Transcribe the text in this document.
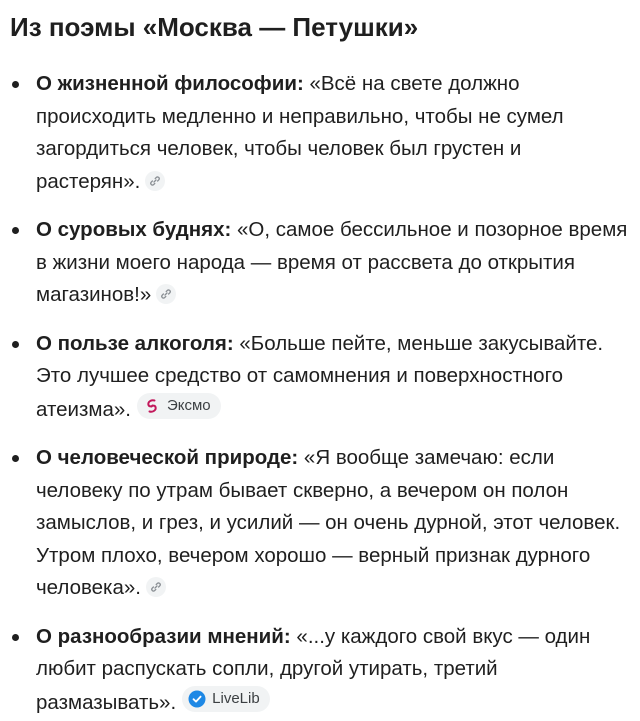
Из поэмы «Москва — Петушки»
О жизненной философии: «Всё на свете должно происходить медленно и неправильно, чтобы не сумел загордиться человек, чтобы человек был грустен и растерян».
О суровых буднях: «О, самое бессильное и позорное время в жизни моего народа — время от рассвета до открытия магазинов!»
О пользе алкоголя: «Больше пейте, меньше закусывайте. Это лучшее средство от самомнения и поверхностного атеизма». Эксмо
О человеческой природе: «Я вообще замечаю: если человеку по утрам бывает скверно, а вечером он полон замыслов, и грез, и усилий — он очень дурной, этот человек. Утром плохо, вечером хорошо — верный признак дурного человека».
О разнообразии мнений: «...у каждого свой вкус — один любит распускать сопли, другой утирать, третий размазывать». LiveLib
